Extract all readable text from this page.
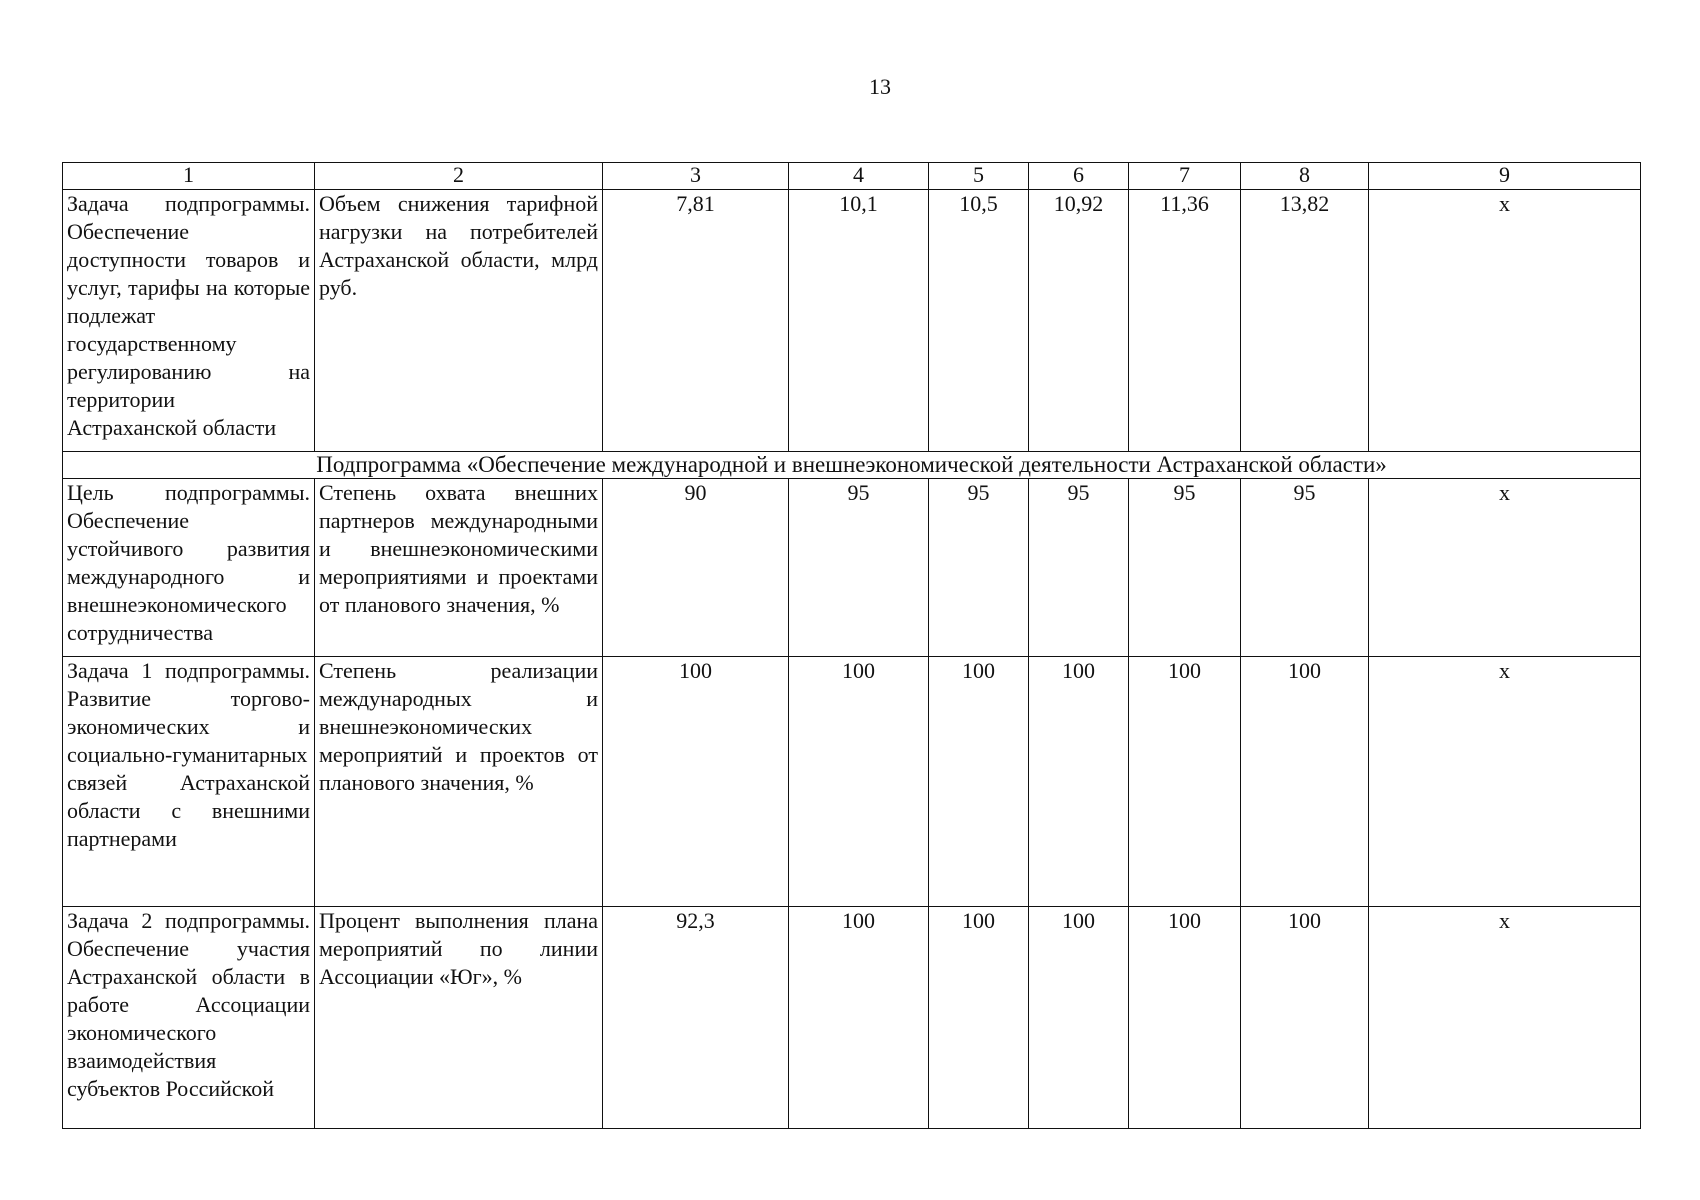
13
1	2	3	4	5	6	7	8	9
Задача подпрограммы. Обеспечение доступности товаров и услуг, тарифы на которые подлежат государственному регулированию на территории Астраханской области	Объем снижения тарифной нагрузки на потребителей Астраханской области, млрд руб.	7,81	10,1	10,5	10,92	11,36	13,82	x
Подпрограмма «Обеспечение международной и внешнеэкономической деятельности Астраханской области»								
Цель подпрограммы. Обеспечение устойчивого развития международного и внешнеэкономического сотрудничества	Степень охвата внешних партнеров международными и внешнеэкономическими мероприятиями и проектами от планового значения, %	90	95	95	95	95	95	x
Задача 1 подпрограммы. Развитие торгово-экономических и социально-гуманитарных связей Астраханской области с внешними партнерами	Степень реализации международных и внешнеэкономических мероприятий и проектов от планового значения, %	100	100	100	100	100	100	x
Задача 2 подпрограммы. Обеспечение участия Астраханской области в работе Ассоциации экономического взаимодействия субъектов Российской	Процент выполнения плана мероприятий по линии Ассоциации «Юг», %	92,3	100	100	100	100	100	x
